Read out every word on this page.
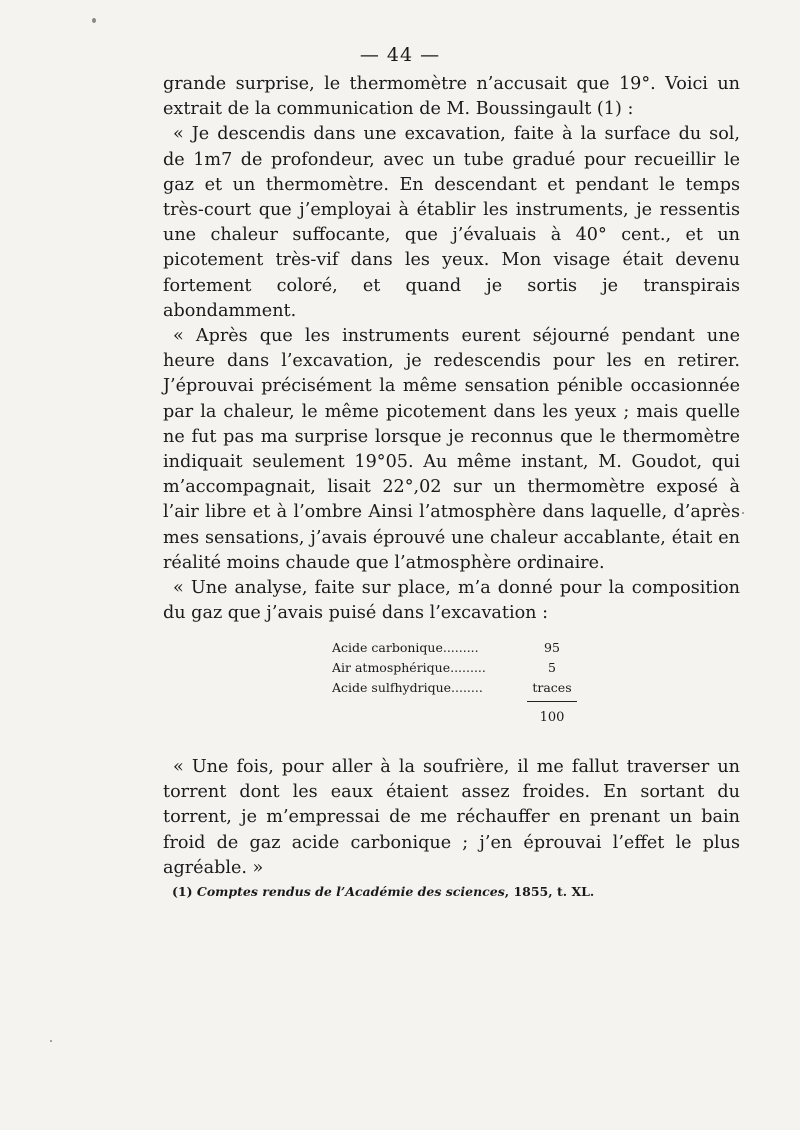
— 44 —

grande surprise, le thermomètre n’accusait que 19°. Voici un extrait de la communication de M. Boussingault (1) :

« Je descendis dans une excavation, faite à la surface du sol, de 1m7 de profondeur, avec un tube gradué pour recueillir le gaz et un thermomètre. En descendant et pendant le temps très-court que j’employai à établir les instruments, je ressentis une chaleur suffocante, que j’évaluais à 40° cent., et un picotement très-vif dans les yeux. Mon visage était devenu fortement coloré, et quand je sortis je transpirais abondamment.

« Après que les instruments eurent séjourné pendant une heure dans l’excavation, je redescendis pour les en retirer. J’éprouvai précisément la même sensation pénible occasionnée par la chaleur, le même picotement dans les yeux ; mais quelle ne fut pas ma surprise lorsque je reconnus que le thermomètre indiquait seulement 19°05. Au même instant, M. Goudot, qui m’accompagnait, lisait 22°,02 sur un thermomètre exposé à l’air libre et à l’ombre Ainsi l’atmosphère dans laquelle, d’après mes sensations, j’avais éprouvé une chaleur accablante, était en réalité moins chaude que l’atmosphère ordinaire.

« Une analyse, faite sur place, m’a donné pour la composition du gaz que j’avais puisé dans l’excavation :

Acide carbonique.........	95
Air atmosphérique.........	5
Acide sulfhydrique........	traces
100

« Une fois, pour aller à la soufrière, il me fallut traverser un torrent dont les eaux étaient assez froides. En sortant du torrent, je m’empressai de me réchauffer en prenant un bain froid de gaz acide carbonique ; j’en éprouvai l’effet le plus agréable. »

(1) Comptes rendus de l’Académie des sciences, 1855, t. XL.
